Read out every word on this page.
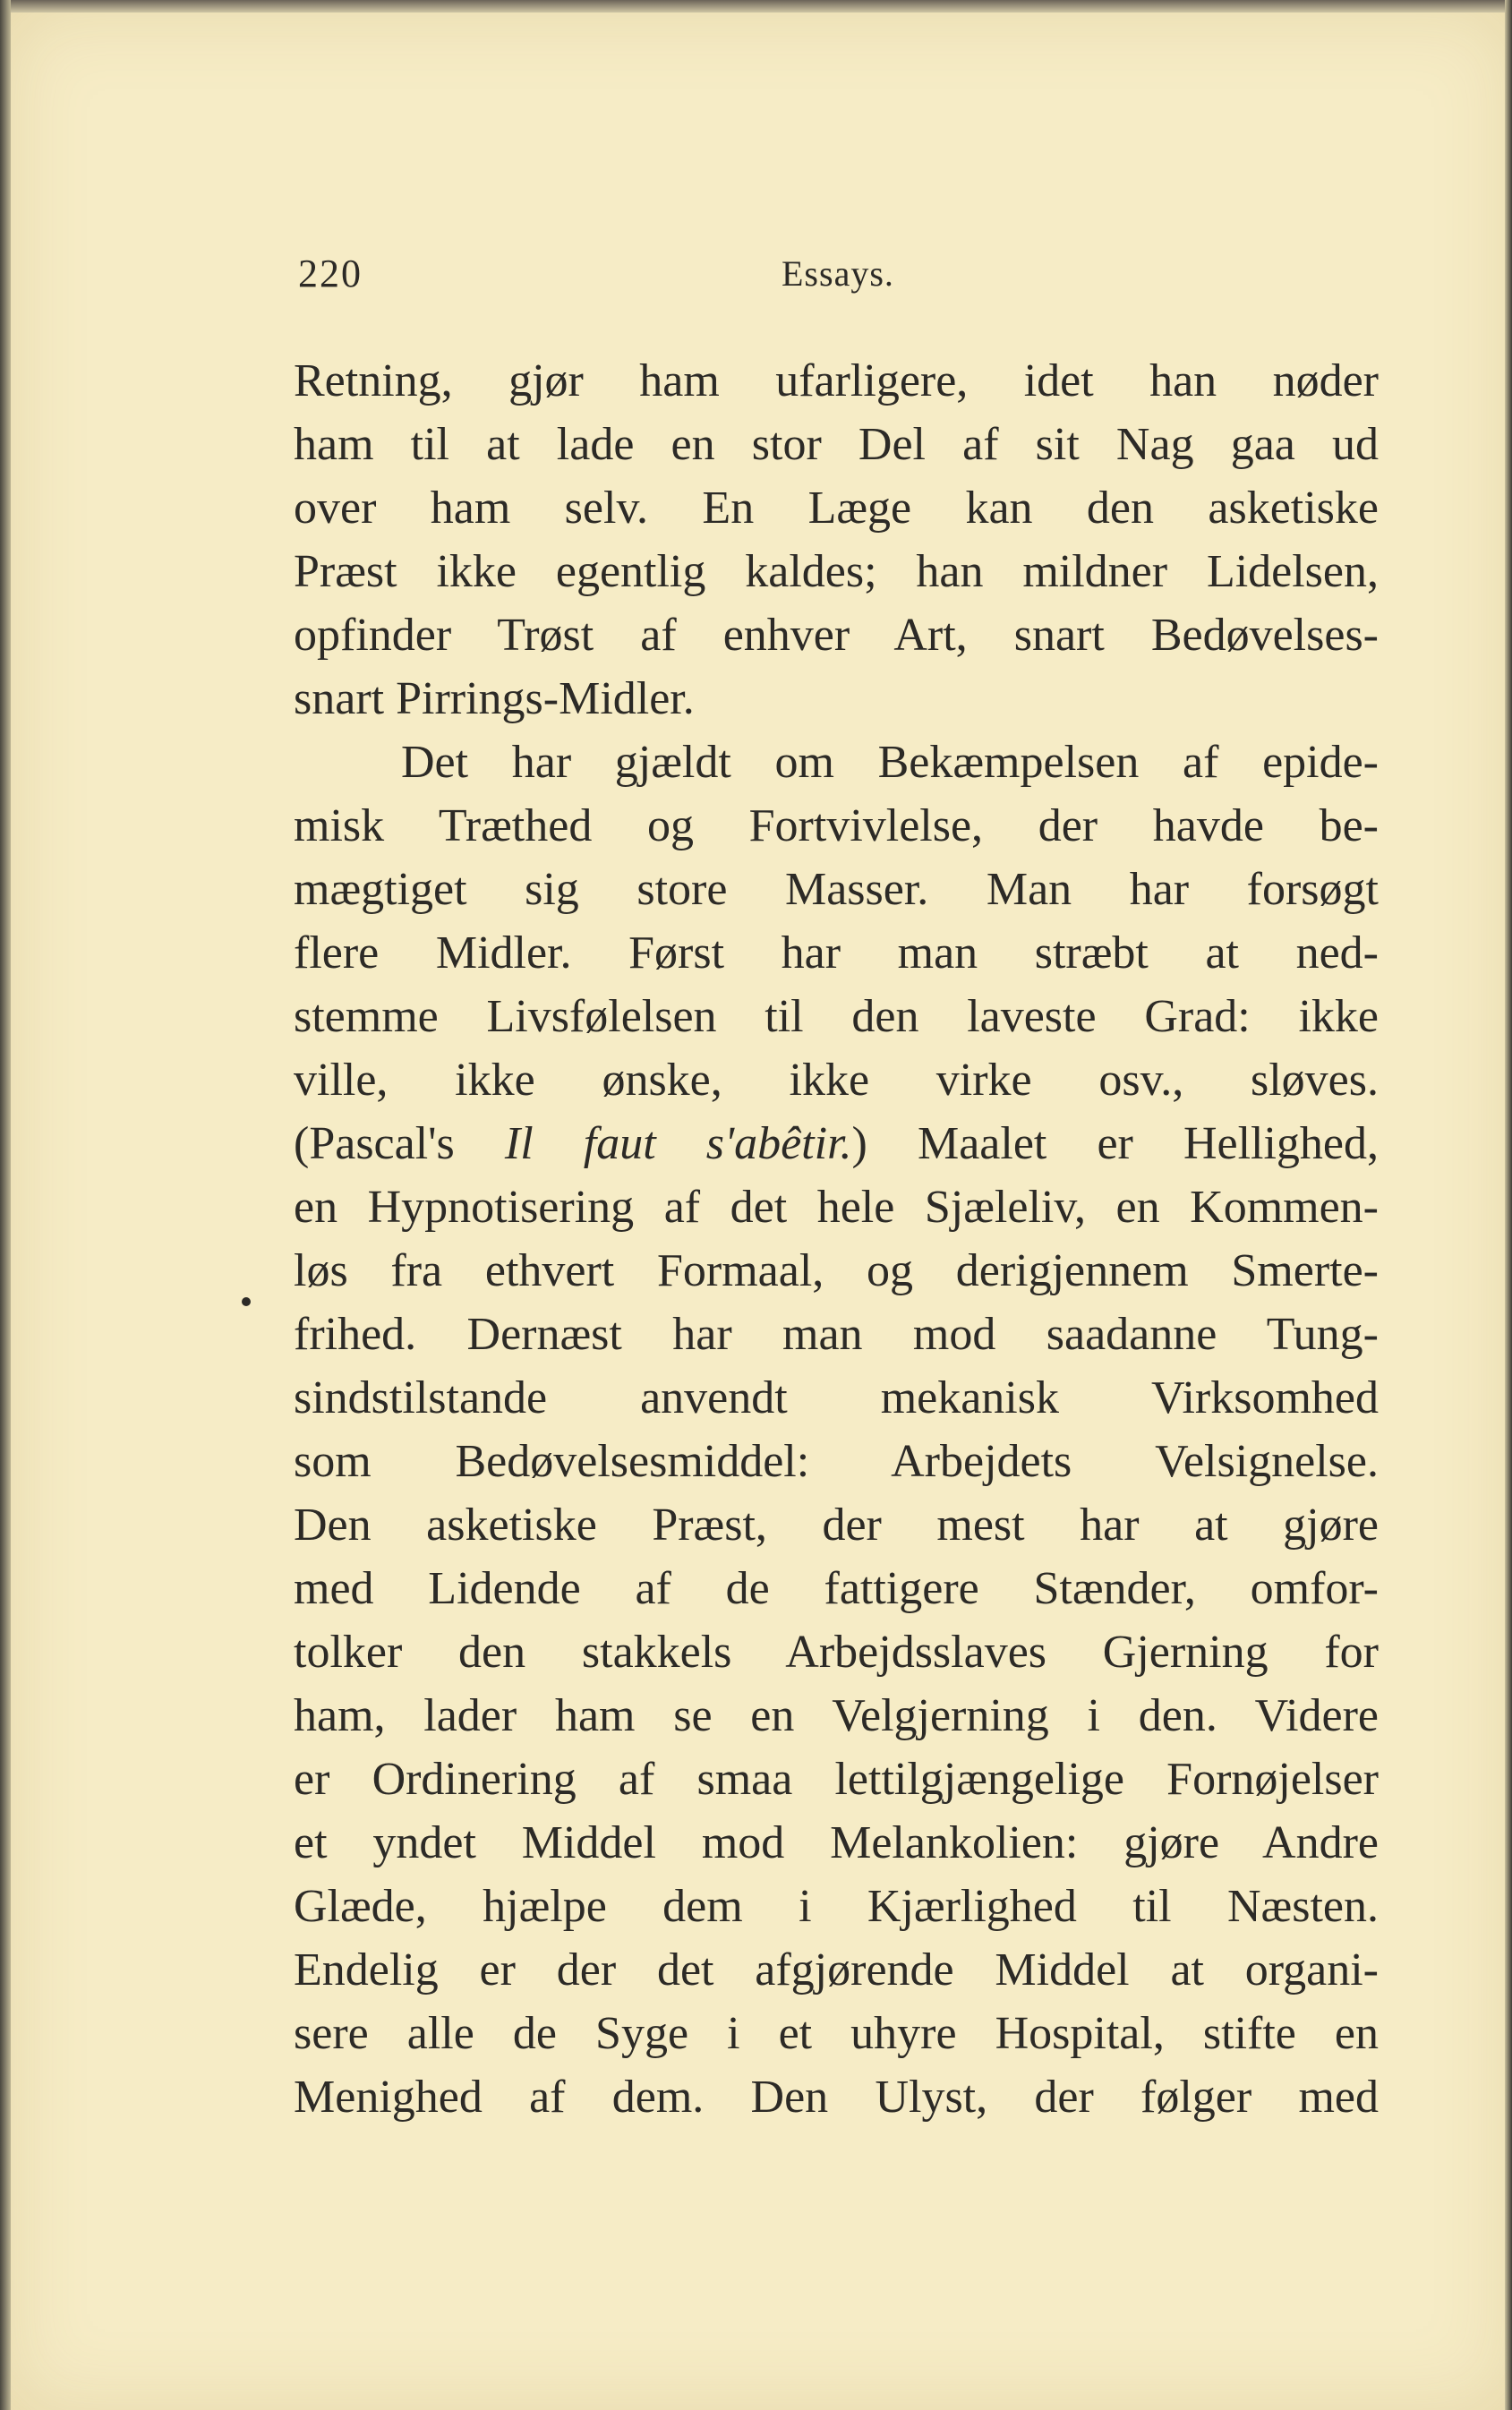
220	Essays.
Retning, gjør ham ufarligere, idet han nøder
ham til at lade en stor Del af sit Nag gaa ud
over ham selv. En Læge kan den asketiske
Præst ikke egentlig kaldes; han mildner Lidelsen,
opfinder Trøst af enhver Art, snart Bedøvelses-
snart Pirrings-Midler.
Det har gjældt om Bekæmpelsen af epide-
misk Træthed og Fortvivlelse, der havde be-
mægtiget sig store Masser. Man har forsøgt
flere Midler. Først har man stræbt at ned-
stemme Livsfølelsen til den laveste Grad: ikke
ville, ikke ønske, ikke virke osv., sløves.
(Pascal's Il faut s'abêtir.) Maalet er Hellighed,
en Hypnotisering af det hele Sjæleliv, en Kommen-
løs fra ethvert Formaal, og derigjennem Smerte-
frihed. Dernæst har man mod saadanne Tung-
sindstilstande anvendt mekanisk Virksomhed
som Bedøvelsesmiddel: Arbejdets Velsignelse.
Den asketiske Præst, der mest har at gjøre
med Lidende af de fattigere Stænder, omfor-
tolker den stakkels Arbejdsslaves Gjerning for
ham, lader ham se en Velgjerning i den. Videre
er Ordinering af smaa lettilgjængelige Fornøjelser
et yndet Middel mod Melankolien: gjøre Andre
Glæde, hjælpe dem i Kjærlighed til Næsten.
Endelig er der det afgjørende Middel at organi-
sere alle de Syge i et uhyre Hospital, stifte en
Menighed af dem. Den Ulyst, der følger med
